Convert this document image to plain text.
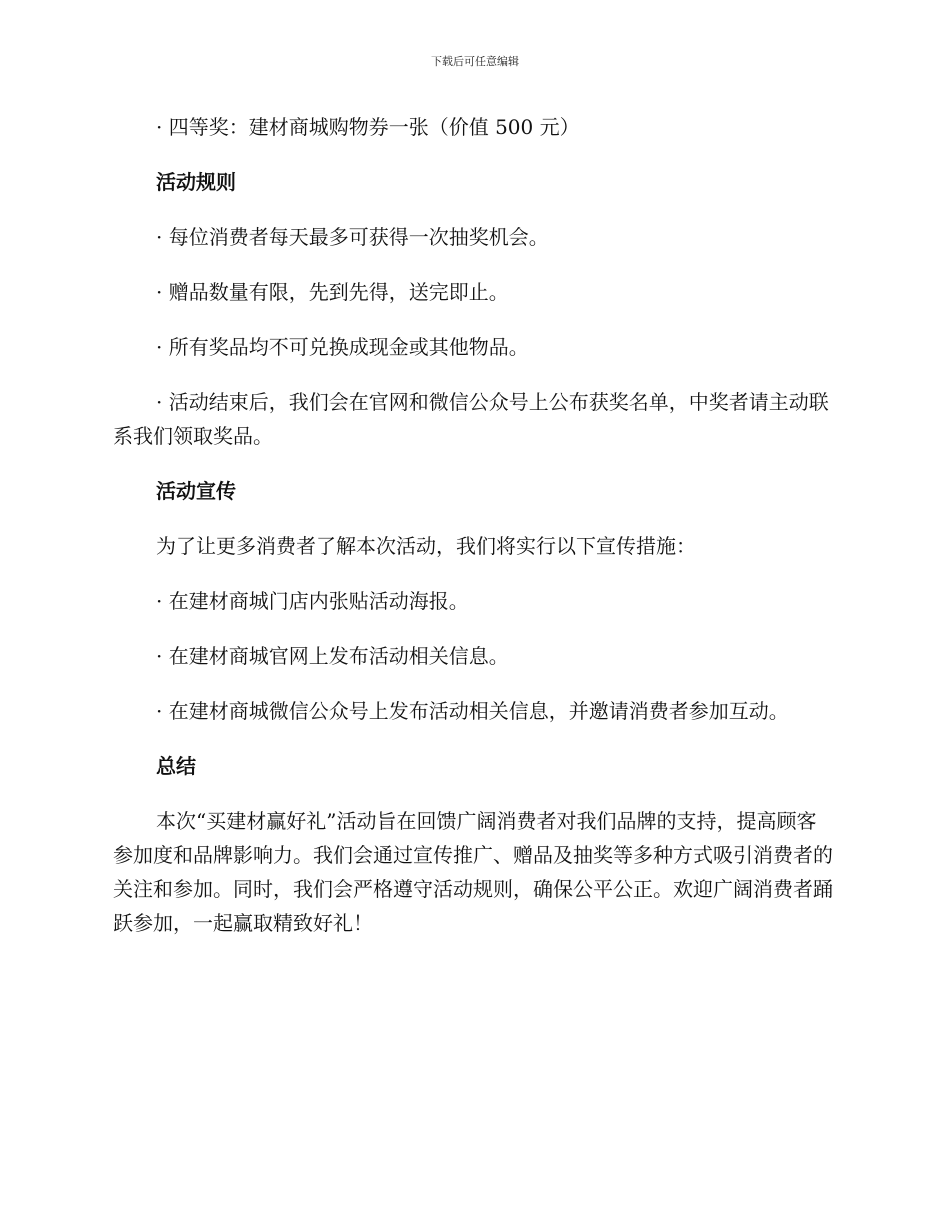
下载后可任意编辑

· 四等奖：建材商城购物券一张（价值 500 元）

活动规则

· 每位消费者每天最多可获得一次抽奖机会。

· 赠品数量有限，先到先得，送完即止。

· 所有奖品均不可兑换成现金或其他物品。

· 活动结束后，我们会在官网和微信公众号上公布获奖名单，中奖者请主动联系我们领取奖品。

活动宣传

为了让更多消费者了解本次活动，我们将实行以下宣传措施：

· 在建材商城门店内张贴活动海报。

· 在建材商城官网上发布活动相关信息。

· 在建材商城微信公众号上发布活动相关信息，并邀请消费者参加互动。

总结

本次“买建材赢好礼”活动旨在回馈广阔消费者对我们品牌的支持，提高顾客参加度和品牌影响力。我们会通过宣传推广、赠品及抽奖等多种方式吸引消费者的关注和参加。同时，我们会严格遵守活动规则，确保公平公正。欢迎广阔消费者踊跃参加，一起赢取精致好礼！
